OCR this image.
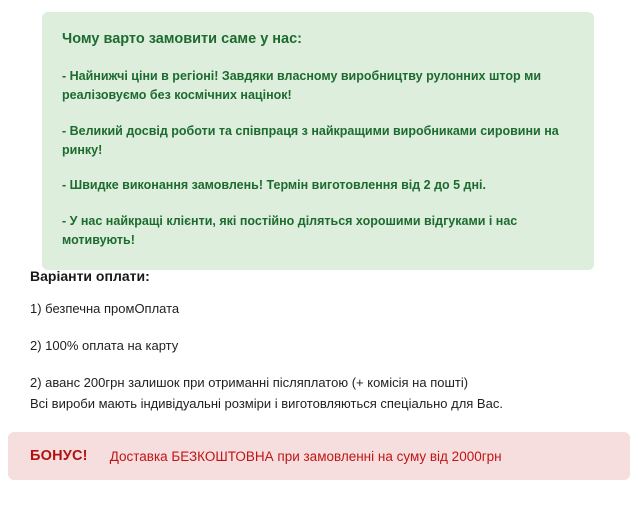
Чому варто замовити саме у нас:

- Найнижчі ціни в регіоні! Завдяки власному виробництву рулонних штор ми реалізовуємо без космічних націнок!

- Великий досвід роботи та співпраця з найкращими виробниками сировини на ринку!

- Швидке виконання замовлень! Термін виготовлення від 2 до 5 дні.

- У нас найкращі клієнти, які постійно діляться хорошими відгуками і нас мотивують!

Варіанти оплати:

1) безпечна промОплата

2) 100% оплата на карту

2) аванс 200грн залишок при отриманні післяплатою (+ комісія на пошті)

Всі вироби мають індивідуальні розміри і виготовляються спеціально для Вас.

БОНУС! Доставка БЕЗКОШТОВНА при замовленні на суму від 2000грн
